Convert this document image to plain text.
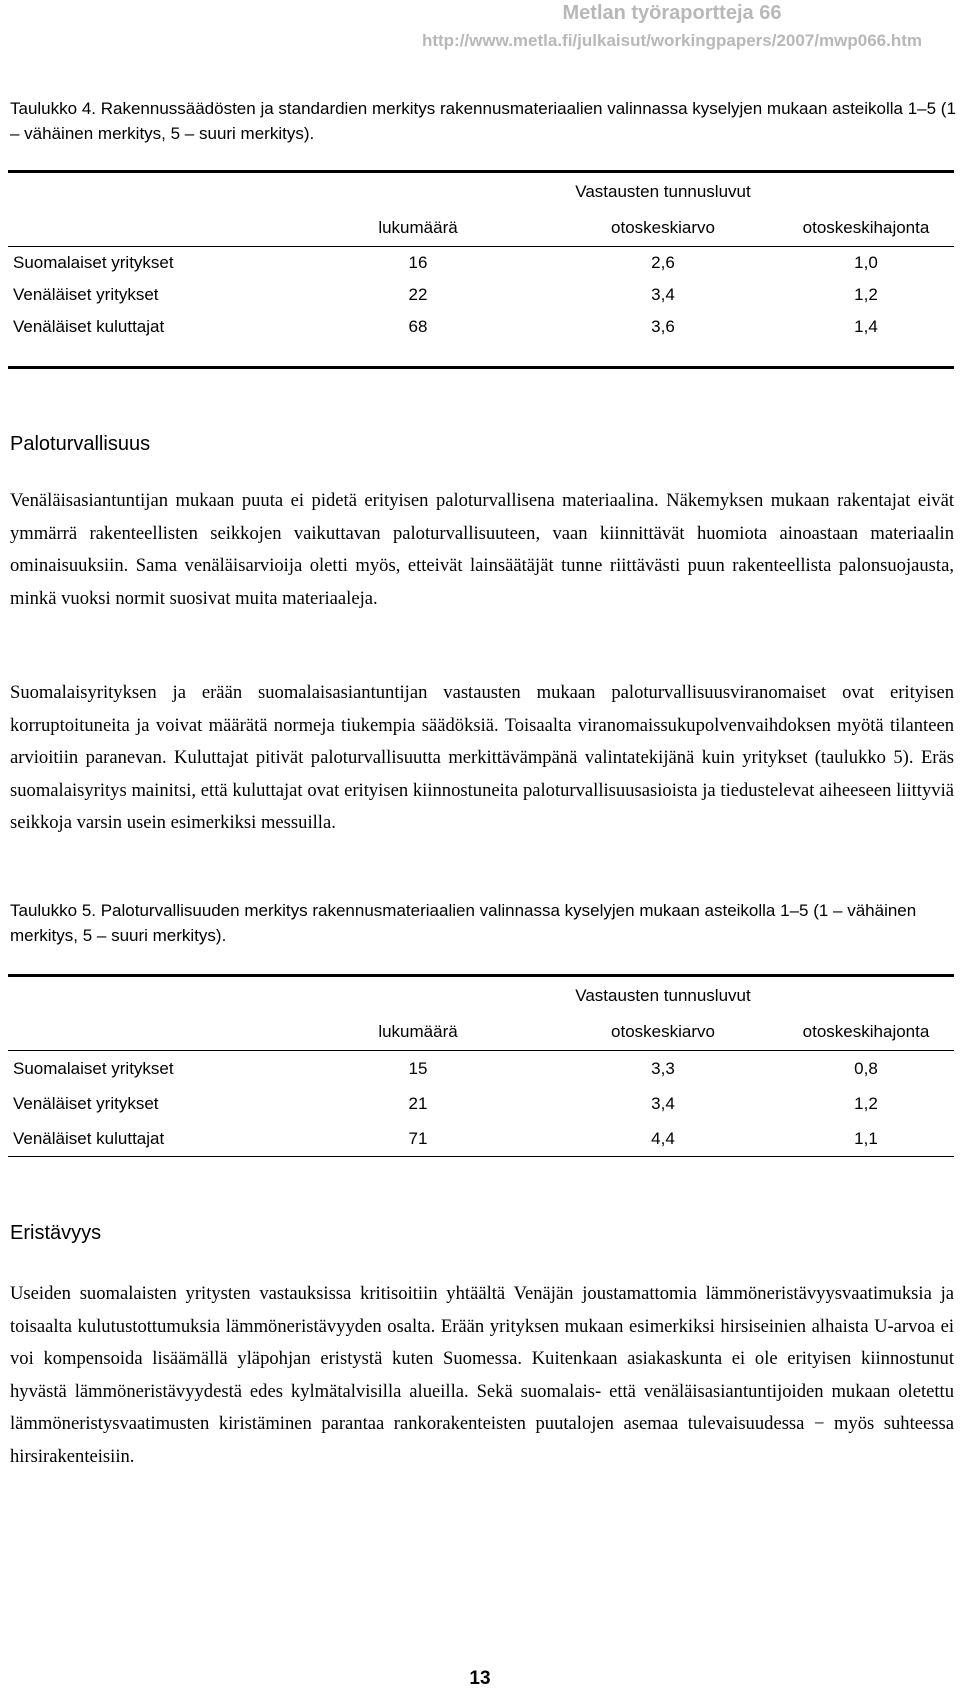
Metlan työraportteja 66
http://www.metla.fi/julkaisut/workingpapers/2007/mwp066.htm
Taulukko 4. Rakennussäädösten ja standardien merkitys rakennusmateriaalien valinnassa kyselyjen mukaan asteikolla 1–5 (1 – vähäinen merkitys, 5 – suuri merkitys).
Vastausten tunnusluvut
lukumäärä	otoskeskiarvo	otoskeskihajonta
Suomalaiset yritykset	16	2,6	1,0
Venäläiset yritykset	22	3,4	1,2
Venäläiset kuluttajat	68	3,6	1,4
Paloturvallisuus
Venäläisasiantuntijan mukaan puuta ei pidetä erityisen paloturvallisena materiaalina. Näkemyksen mukaan rakentajat eivät ymmärrä rakenteellisten seikkojen vaikuttavan paloturvallisuuteen, vaan kiinnittävät huomiota ainoastaan materiaalin ominaisuuksiin. Sama venäläisarvioija oletti myös, etteivät lainsäätäjät tunne riittävästi puun rakenteellista palonsuojausta, minkä vuoksi normit suosivat muita materiaaleja.
Suomalaisyrityksen ja erään suomalaisasiantuntijan vastausten mukaan paloturvallisuusviranomaiset ovat erityisen korruptoituneita ja voivat määrätä normeja tiukempia säädöksiä. Toisaalta viranomaissukupolvenvaihdoksen myötä tilanteen arvioitiin paranevan. Kuluttajat pitivät paloturvallisuutta merkittävämpänä valintatekijänä kuin yritykset (taulukko 5). Eräs suomalaisyritys mainitsi, että kuluttajat ovat erityisen kiinnostuneita paloturvallisuusasioista ja tiedustelevat aiheeseen liittyviä seikkoja varsin usein esimerkiksi messuilla.
Taulukko 5. Paloturvallisuuden merkitys rakennusmateriaalien valinnassa kyselyjen mukaan asteikolla 1–5 (1 – vähäinen merkitys, 5 – suuri merkitys).
Vastausten tunnusluvut
lukumäärä	otoskeskiarvo	otoskeskihajonta
Suomalaiset yritykset	15	3,3	0,8
Venäläiset yritykset	21	3,4	1,2
Venäläiset kuluttajat	71	4,4	1,1
Eristävyys
Useiden suomalaisten yritysten vastauksissa kritisoitiin yhtäältä Venäjän joustamattomia lämmöneristävyysvaatimuksia ja toisaalta kulutustottumuksia lämmöneristävyyden osalta. Erään yrityksen mukaan esimerkiksi hirsiseinien alhaista U-arvoa ei voi kompensoida lisäämällä yläpohjan eristystä kuten Suomessa. Kuitenkaan asiakaskunta ei ole erityisen kiinnostunut hyvästä lämmöneristävyydestä edes kylmätalvisilla alueilla. Sekä suomalais- että venäläisasiantuntijoiden mukaan oletettu lämmöneristysvaatimusten kiristäminen parantaa rankorakenteisten puutalojen asemaa tulevaisuudessa − myös suhteessa hirsirakenteisiin.
13
